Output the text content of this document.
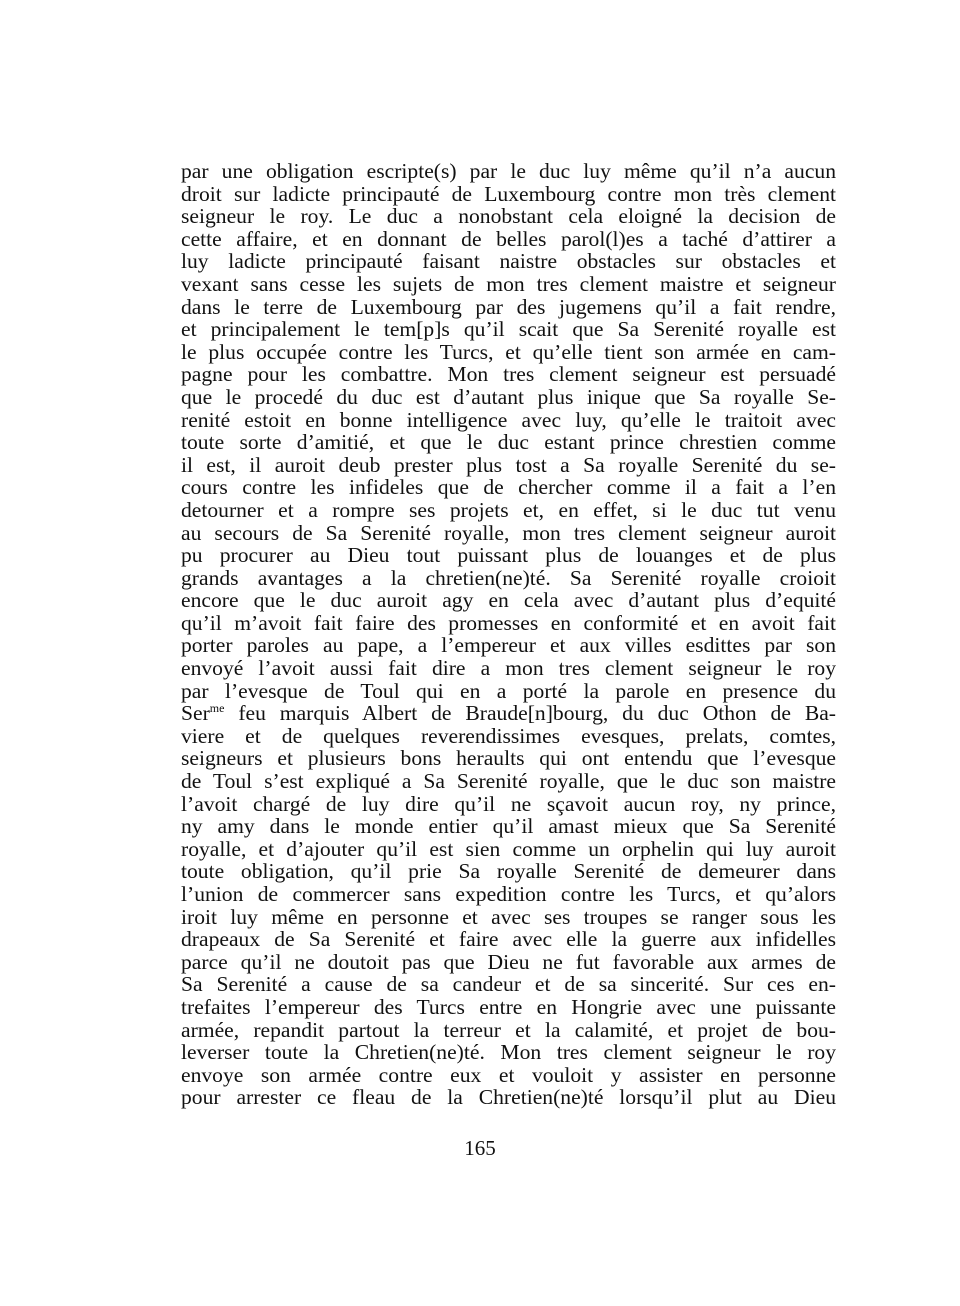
par une obligation escripte(s) par le duc luy même qu’il n’a aucun
droit sur ladicte principauté de Luxembourg contre mon très clement
seigneur le roy. Le duc a nonobstant cela eloigné la decision de
cette affaire, et en donnant de belles parol(l)es a taché d’attirer a
luy ladicte principauté faisant naistre obstacles sur obstacles et
vexant sans cesse les sujets de mon tres clement maistre et seigneur
dans le terre de Luxembourg par des jugemens qu’il a fait rendre,
et principalement le tem[p]s qu’il scait que Sa Serenité royalle est
le plus occupée contre les Turcs, et qu’elle tient son armée en cam-
pagne pour les combattre. Mon tres clement seigneur est persuadé
que le procedé du duc est d’autant plus inique que Sa royalle Se-
renité estoit en bonne intelligence avec luy, qu’elle le traitoit avec
toute sorte d’amitié, et que le duc estant prince chrestien comme
il est, il auroit deub prester plus tost a Sa royalle Serenité du se-
cours contre les infideles que de chercher comme il a fait a l’en
detourner et a rompre ses projets et, en effet, si le duc tut venu
au secours de Sa Serenité royalle, mon tres clement seigneur auroit
pu procurer au Dieu tout puissant plus de louanges et de plus
grands avantages a la chretien(ne)té. Sa Serenité royalle croioit
encore que le duc auroit agy en cela avec d’autant plus d’equité
qu’il m’avoit fait faire des promesses en conformité et en avoit fait
porter paroles au pape, a l’empereur et aux villes esdittes par son
envoyé l’avoit aussi fait dire a mon tres clement seigneur le roy
par l’evesque de Toul qui en a porté la parole en presence du
Ser$^{me}$ feu marquis Albert de Braude[n]bourg, du duc Othon de Ba-
viere et de quelques reverendissimes evesques, prelats, comtes,
seigneurs et plusieurs bons heraults qui ont entendu que l’evesque
de Toul s’est expliqué a Sa Serenité royalle, que le duc son maistre
l’avoit chargé de luy dire qu’il ne sçavoit aucun roy, ny prince,
ny amy dans le monde entier qu’il amast mieux que Sa Serenité
royalle, et d’ajouter qu’il est sien comme un orphelin qui luy auroit
toute obligation, qu’il prie Sa royalle Serenité de demeurer dans
l’union de commercer sans expedition contre les Turcs, et qu’alors
iroit luy même en personne et avec ses troupes se ranger sous les
drapeaux de Sa Serenité et faire avec elle la guerre aux infidelles
parce qu’il ne doutoit pas que Dieu ne fut favorable aux armes de
Sa Serenité a cause de sa candeur et de sa sincerité. Sur ces en-
trefaites l’empereur des Turcs entre en Hongrie avec une puissante
armée, repandit partout la terreur et la calamité, et projet de bou-
leverser toute la Chretien(ne)té. Mon tres clement seigneur le roy
envoye son armée contre eux et vouloit y assister en personne
pour arrester ce fleau de la Chretien(ne)té lorsqu’il plut au Dieu
165
